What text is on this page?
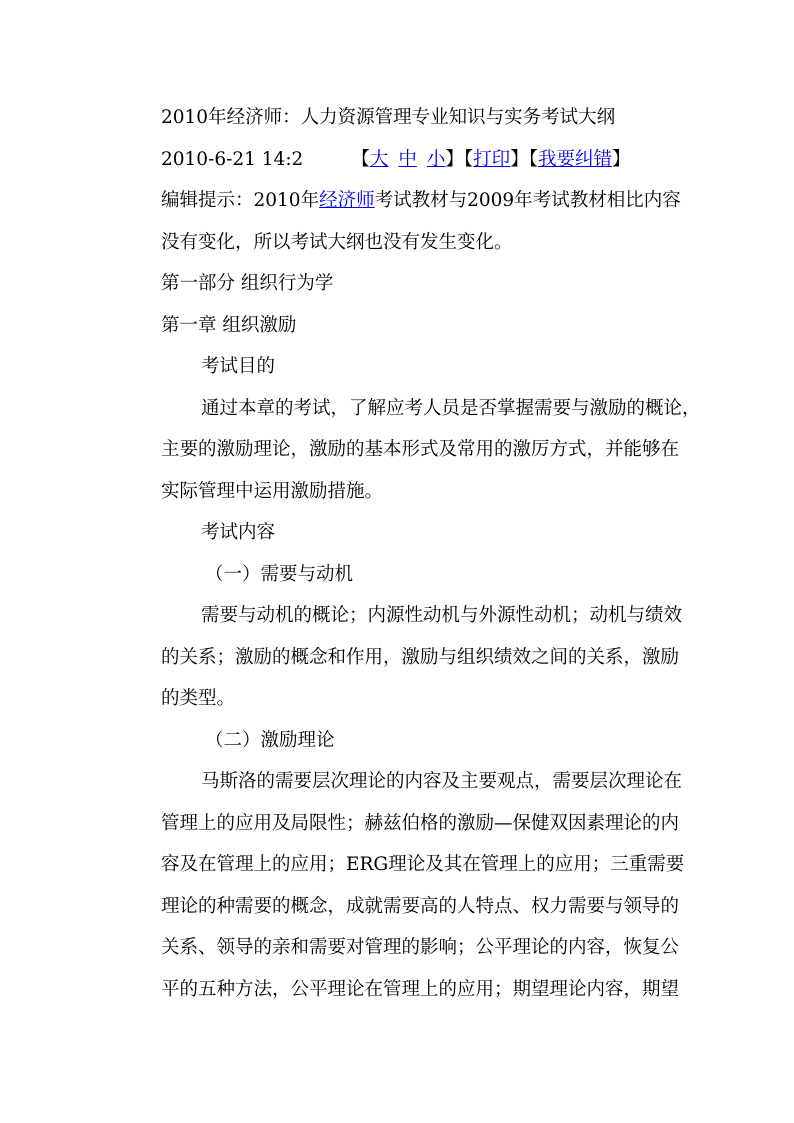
2010年经济师：人力资源管理专业知识与实务考试大纲

2010-6-21 14:2	【大 中 小】【打印】【我要纠错】

编辑提示：2010年经济师考试教材与2009年考试教材相比内容

没有变化，所以考试大纲也没有发生变化。

第一部分 组织行为学

第一章 组织激励

考试目的

通过本章的考试，了解应考人员是否掌握需要与激励的概论，

主要的激励理论，激励的基本形式及常用的激厉方式，并能够在

实际管理中运用激励措施。

考试内容

（一）需要与动机

需要与动机的概论；内源性动机与外源性动机；动机与绩效

的关系；激励的概念和作用，激励与组织绩效之间的关系，激励

的类型。

（二）激励理论

马斯洛的需要层次理论的内容及主要观点，需要层次理论在

管理上的应用及局限性；赫兹伯格的激励—保健双因素理论的内

容及在管理上的应用；ERG理论及其在管理上的应用；三重需要

理论的种需要的概念，成就需要高的人特点、权力需要与领导的

关系、领导的亲和需要对管理的影响；公平理论的内容，恢复公

平的五种方法，公平理论在管理上的应用；期望理论内容，期望
